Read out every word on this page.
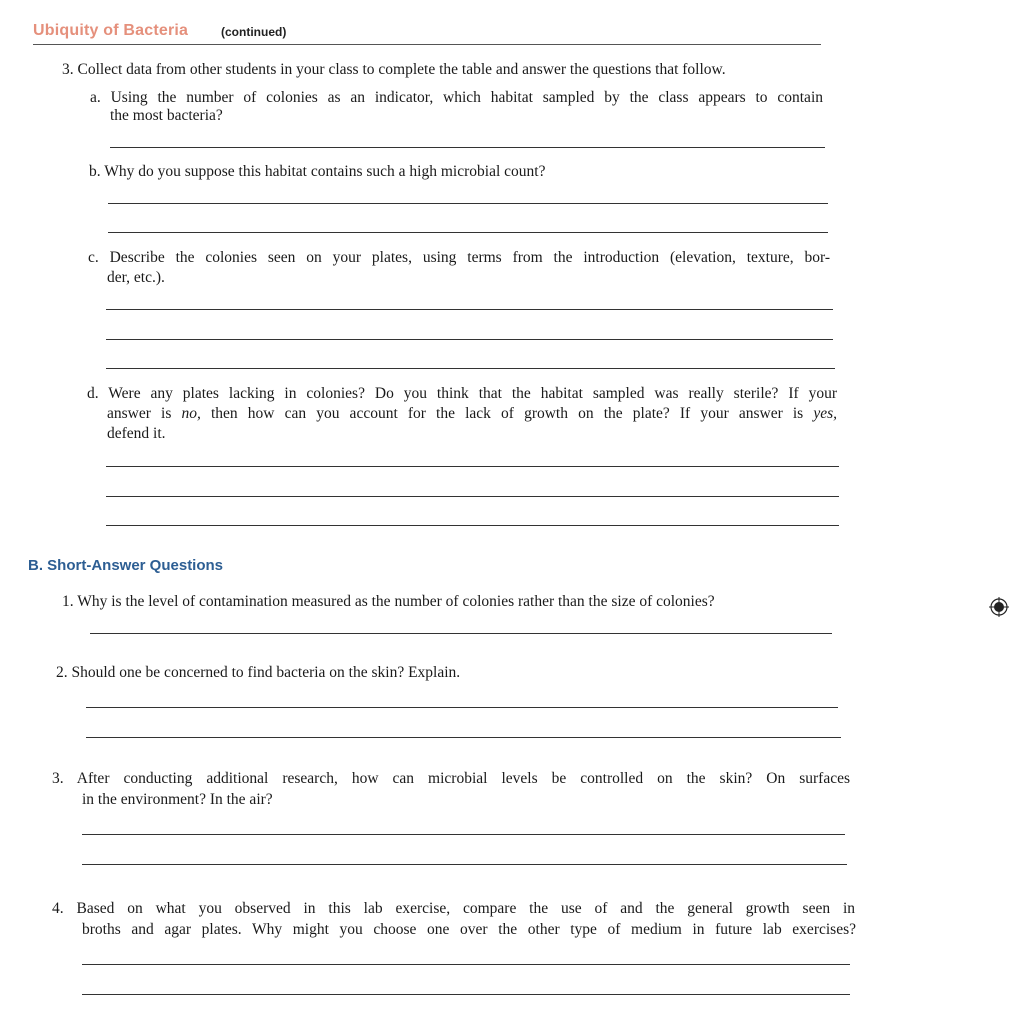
Ubiquity of Bacteria	(continued)
3. Collect data from other students in your class to complete the table and answer the questions that follow.
a. Using the number of colonies as an indicator, which habitat sampled by the class appears to contain
the most bacteria?
b. Why do you suppose this habitat contains such a high microbial count?
c. Describe the colonies seen on your plates, using terms from the introduction (elevation, texture, bor-
der, etc.).
d. Were any plates lacking in colonies? Do you think that the habitat sampled was really sterile? If your
answer is no, then how can you account for the lack of growth on the plate? If your answer is yes,
defend it.
B. Short-Answer Questions
1. Why is the level of contamination measured as the number of colonies rather than the size of colonies?
2. Should one be concerned to find bacteria on the skin? Explain.
3. After conducting additional research, how can microbial levels be controlled on the skin? On surfaces
in the environment? In the air?
4. Based on what you observed in this lab exercise, compare the use of and the general growth seen in
broths and agar plates. Why might you choose one over the other type of medium in future lab exercises?
